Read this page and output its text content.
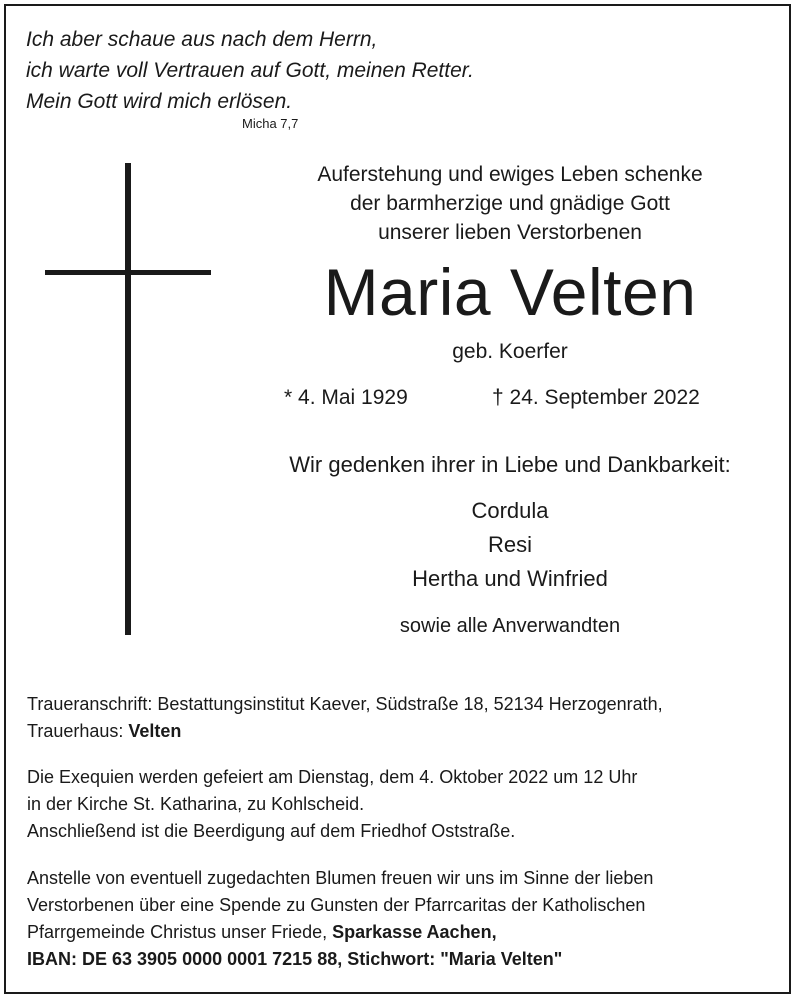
Ich aber schaue aus nach dem Herrn,
ich warte voll Vertrauen auf Gott, meinen Retter.
Mein Gott wird mich erlösen.
Micha 7,7
Auferstehung und ewiges Leben schenke
der barmherzige und gnädige Gott
unserer lieben Verstorbenen
Maria Velten
geb. Koerfer
* 4. Mai 1929	† 24. September 2022
Wir gedenken ihrer in Liebe und Dankbarkeit:
Cordula
Resi
Hertha und Winfried
sowie alle Anverwandten
Traueranschrift: Bestattungsinstitut Kaever, Südstraße 18, 52134 Herzogenrath,
Trauerhaus: Velten
Die Exequien werden gefeiert am Dienstag, dem 4. Oktober 2022 um 12 Uhr
in der Kirche St. Katharina, zu Kohlscheid.
Anschließend ist die Beerdigung auf dem Friedhof Oststraße.
Anstelle von eventuell zugedachten Blumen freuen wir uns im Sinne der lieben
Verstorbenen über eine Spende zu Gunsten der Pfarrcaritas der Katholischen
Pfarrgemeinde Christus unser Friede, Sparkasse Aachen,
IBAN: DE 63 3905 0000 0001 7215 88, Stichwort: "Maria Velten"
